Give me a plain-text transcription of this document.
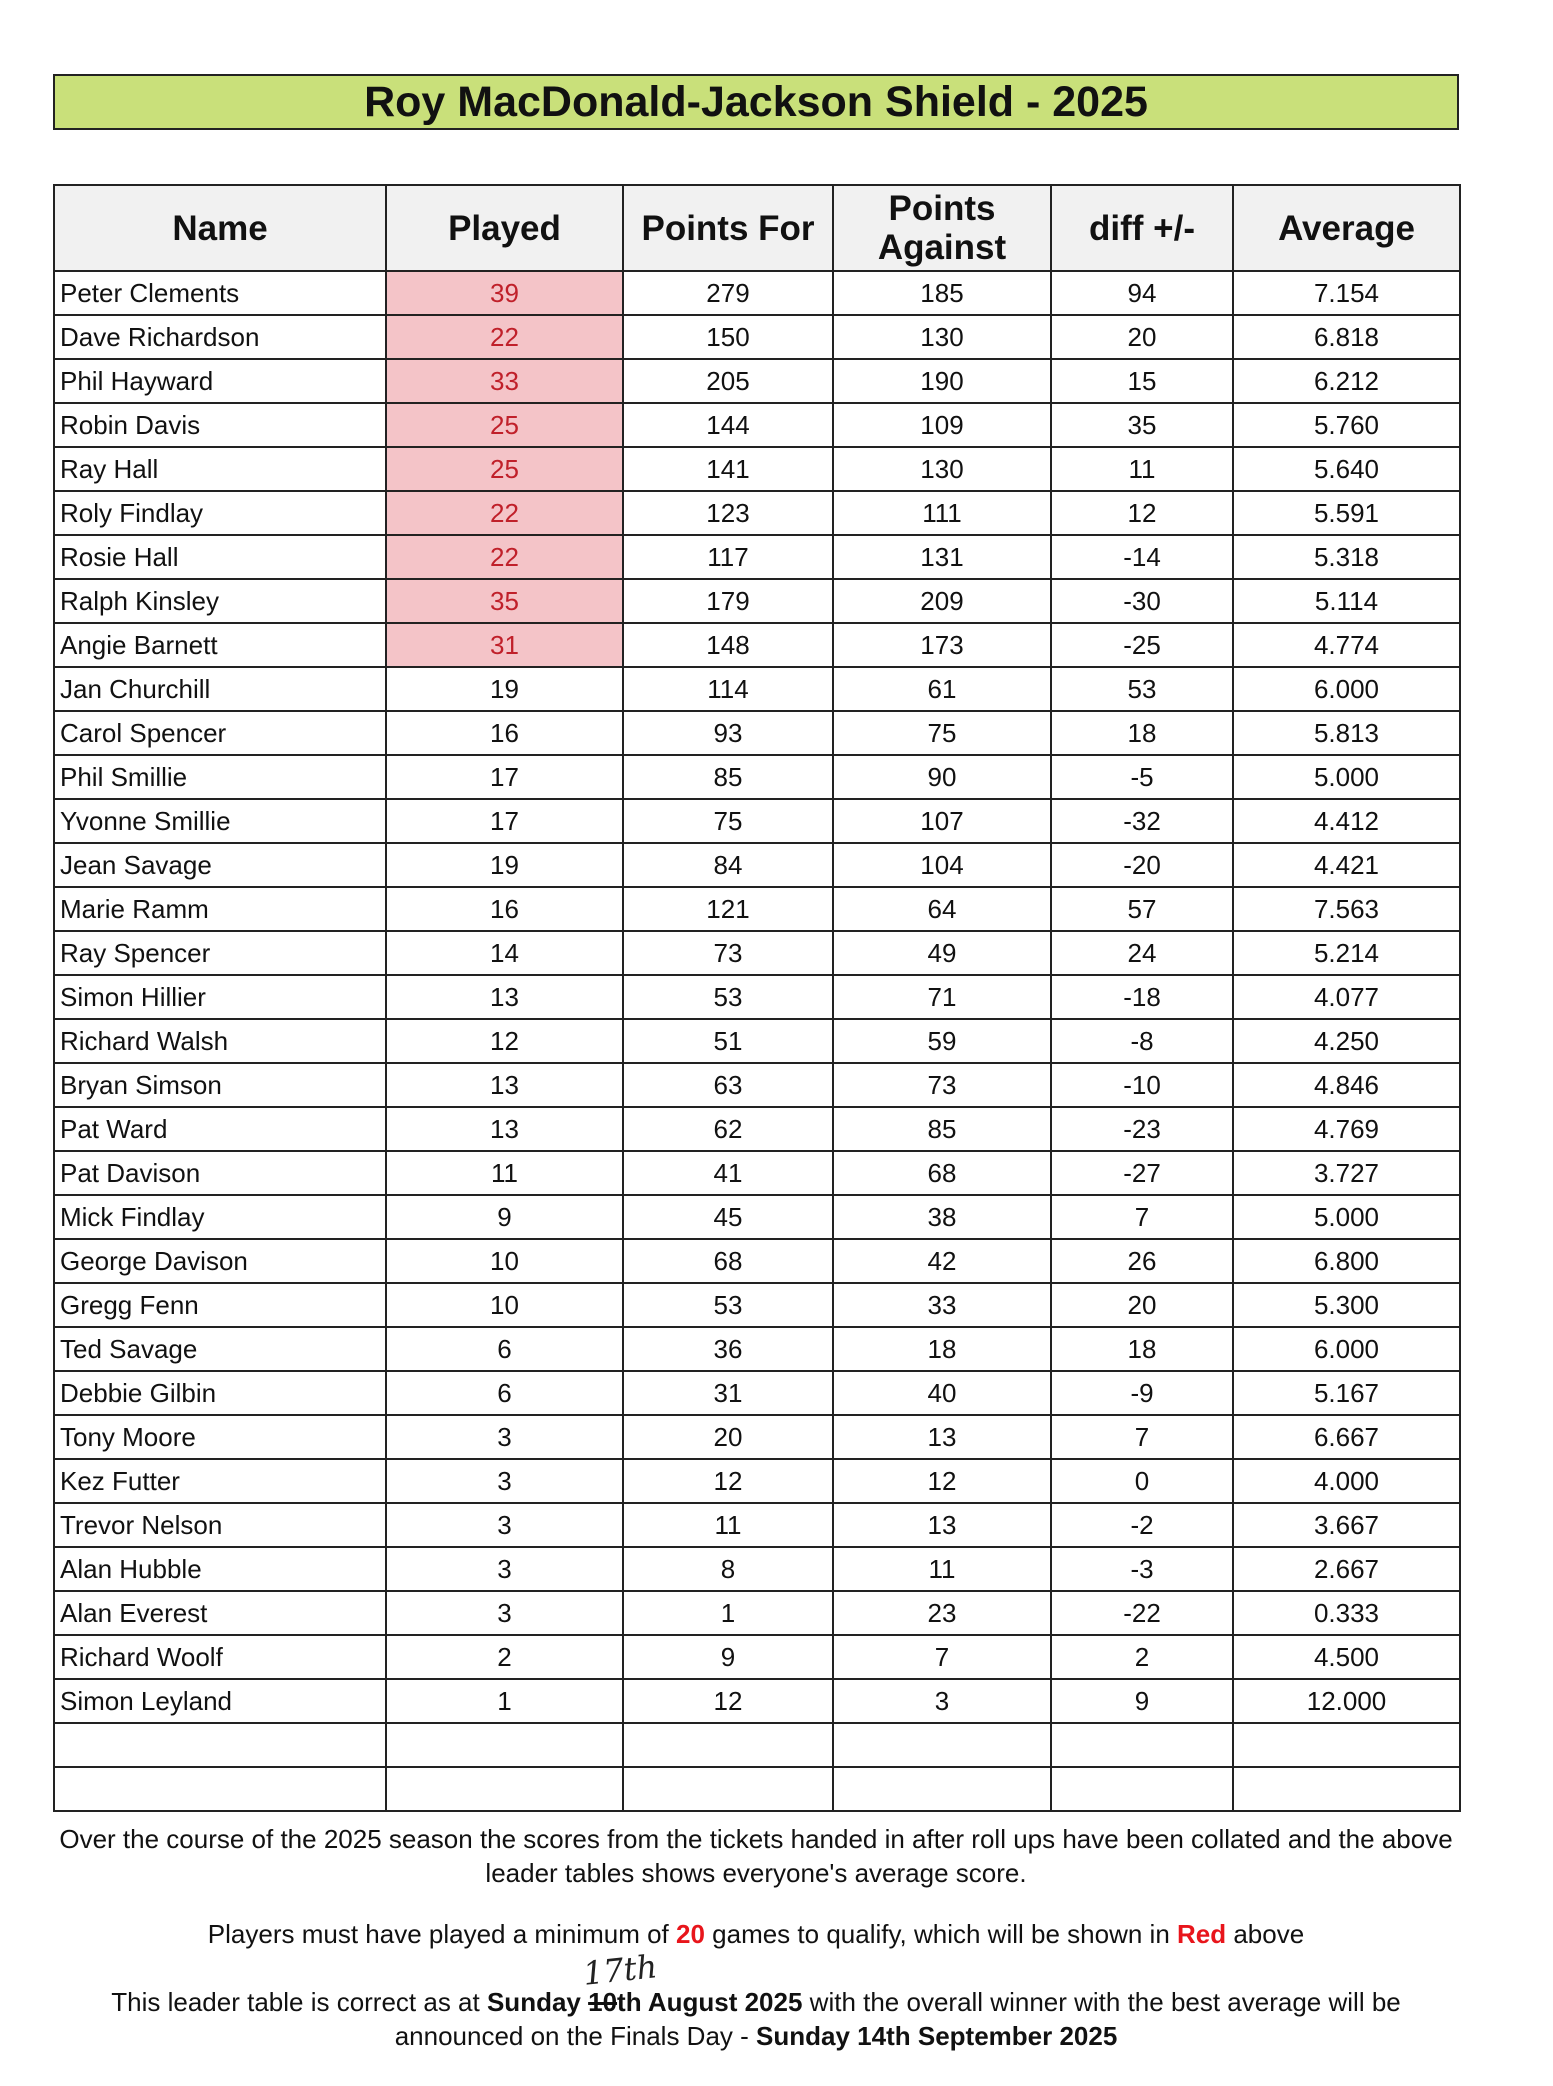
Roy MacDonald-Jackson Shield - 2025
Name	Played	Points For	Points Against	diff +/-	Average
Peter Clements	39	279	185	94	7.154
Dave Richardson	22	150	130	20	6.818
Phil Hayward	33	205	190	15	6.212
Robin Davis	25	144	109	35	5.760
Ray Hall	25	141	130	11	5.640
Roly Findlay	22	123	111	12	5.591
Rosie Hall	22	117	131	-14	5.318
Ralph Kinsley	35	179	209	-30	5.114
Angie Barnett	31	148	173	-25	4.774
Jan Churchill	19	114	61	53	6.000
Carol Spencer	16	93	75	18	5.813
Phil Smillie	17	85	90	-5	5.000
Yvonne Smillie	17	75	107	-32	4.412
Jean Savage	19	84	104	-20	4.421
Marie Ramm	16	121	64	57	7.563
Ray Spencer	14	73	49	24	5.214
Simon Hillier	13	53	71	-18	4.077
Richard Walsh	12	51	59	-8	4.250
Bryan Simson	13	63	73	-10	4.846
Pat Ward	13	62	85	-23	4.769
Pat Davison	11	41	68	-27	3.727
Mick Findlay	9	45	38	7	5.000
George Davison	10	68	42	26	6.800
Gregg Fenn	10	53	33	20	5.300
Ted Savage	6	36	18	18	6.000
Debbie Gilbin	6	31	40	-9	5.167
Tony Moore	3	20	13	7	6.667
Kez Futter	3	12	12	0	4.000
Trevor Nelson	3	11	13	-2	3.667
Alan Hubble	3	8	11	-3	2.667
Alan Everest	3	1	23	-22	0.333
Richard Woolf	2	9	7	2	4.500
Simon Leyland	1	12	3	9	12.000

Over the course of the 2025 season the scores from the tickets handed in after roll ups have been collated and the above leader tables shows everyone's average score.
Players must have played a minimum of 20 games to qualify, which will be shown in Red above
17th
This leader table is correct as at Sunday 10th August 2025 with the overall winner with the best average will be announced on the Finals Day - Sunday 14th September 2025
